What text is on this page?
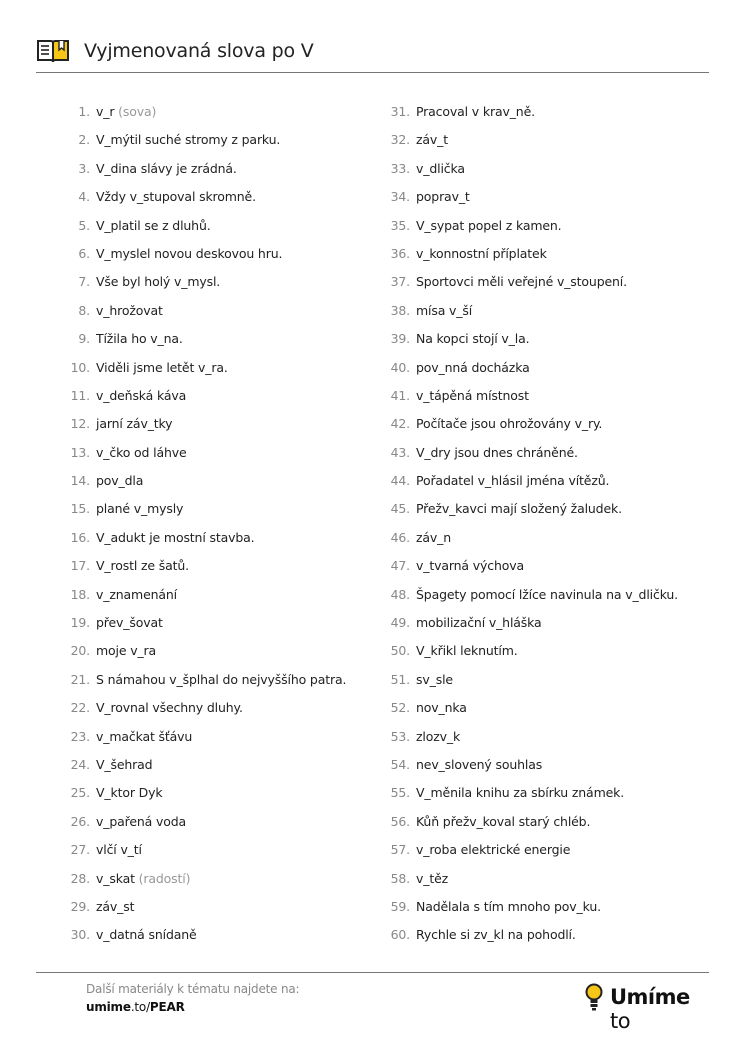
Vyjmenovaná slova po V
1. v_r (sova)
2. V_mýtil suché stromy z parku.
3. V_dina slávy je zrádná.
4. Vždy v_stupoval skromně.
5. V_platil se z dluhů.
6. V_myslel novou deskovou hru.
7. Vše byl holý v_mysl.
8. v_hrožovat
9. Tížila ho v_na.
10. Viděli jsme letět v_ra.
11. v_deňská káva
12. jarní záv_tky
13. v_čko od láhve
14. pov_dla
15. plané v_mysly
16. V_adukt je mostní stavba.
17. V_rostl ze šatů.
18. v_znamenání
19. přev_šovat
20. moje v_ra
21. S námahou v_šplhal do nejvyššího patra.
22. V_rovnal všechny dluhy.
23. v_mačkat šťávu
24. V_šehrad
25. V_ktor Dyk
26. v_pařená voda
27. vlčí v_tí
28. v_skat (radostí)
29. záv_st
30. v_datná snídaně
31. Pracoval v krav_ně.
32. záv_t
33. v_dlička
34. poprav_t
35. V_sypat popel z kamen.
36. v_konnostní příplatek
37. Sportovci měli veřejné v_stoupení.
38. mísa v_ší
39. Na kopci stojí v_la.
40. pov_nná docházka
41. v_tápěná místnost
42. Počítače jsou ohrožovány v_ry.
43. V_dry jsou dnes chráněné.
44. Pořadatel v_hlásil jména vítězů.
45. Přežv_kavci mají složený žaludek.
46. záv_n
47. v_tvarná výchova
48. Špagety pomocí lžíce navinula na v_dličku.
49. mobilizační v_hláška
50. V_křikl leknutím.
51. sv_sle
52. nov_nka
53. zlozv_k
54. nev_slovený souhlas
55. V_měnila knihu za sbírku známek.
56. Kůň přežv_koval starý chléb.
57. v_roba elektrické energie
58. v_těz
59. Nadělala s tím mnoho pov_ku.
60. Rychle si zv_kl na pohodlí.
Další materiály k tématu najdete na:
umime.to/PEAR	Umíme to
